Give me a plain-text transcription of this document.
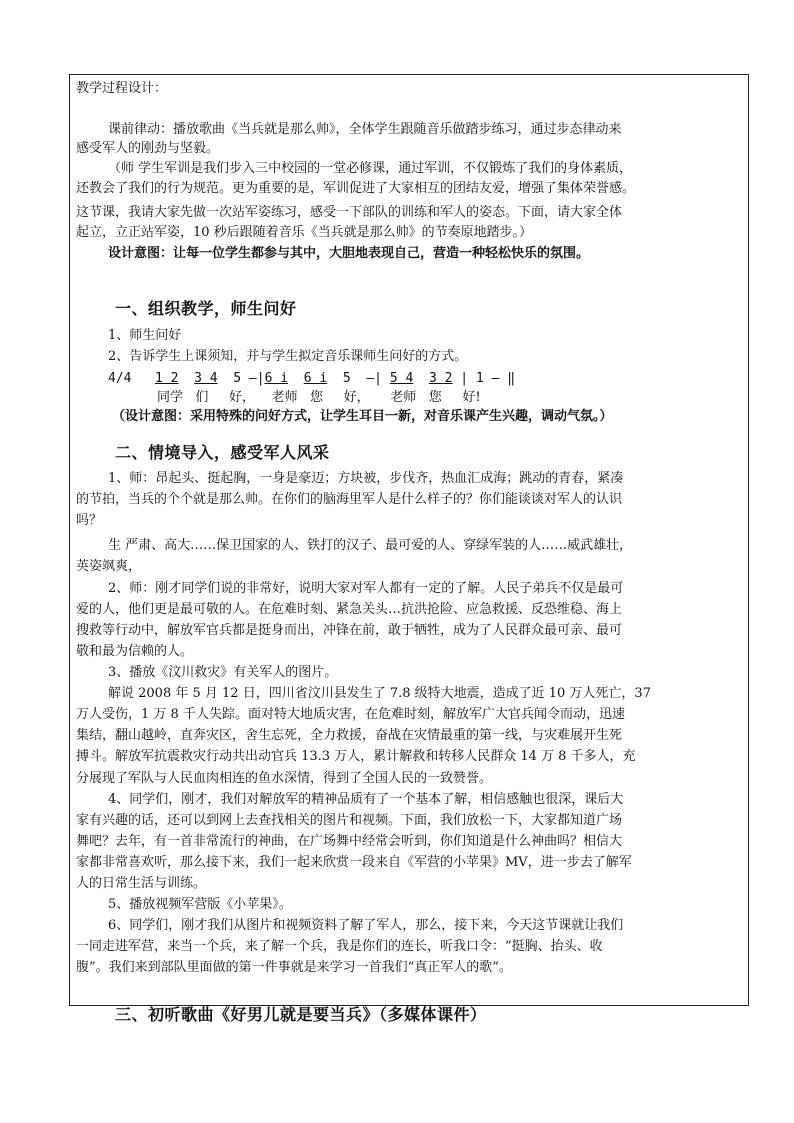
教学过程设计：
课前律动：播放歌曲《当兵就是那么帅》，全体学生跟随音乐做踏步练习，通过步态律动来
感受军人的刚劲与坚毅。
（师 学生军训是我们步入三中校园的一堂必修课，通过军训，不仅锻炼了我们的身体素质，
还教会了我们的行为规范。更为重要的是，军训促进了大家相互的团结友爱，增强了集体荣誉感。
这节课，我请大家先做一次站军姿练习，感受一下部队的训练和军人的姿态。下面，请大家全体
起立，立正站军姿，10 秒后跟随着音乐《当兵就是那么帅》的节奏原地踏步。）
设计意图：让每一位学生都参与其中，大胆地表现自己，营造一种轻松快乐的氛围。
一、组织教学，师生问好
1、师生问好
2、告诉学生上课须知，并与学生拟定音乐课师生问好的方式。
4/4 1 2 3 4 5 —|6 i 6 i 5  —| 5 4 3 2 | 1 — ‖
同学   们     好，    老师   您     好，     老师   您     好!
（设计意图：采用特殊的问好方式，让学生耳目一新，对音乐课产生兴趣，调动气氛。）
二、情境导入，感受军人风采
1、师：昂起头、挺起胸，一身是豪迈；方块被，步伐齐，热血汇成海；跳动的青春，紧凑
的节拍，当兵的个个就是那么帅。在你们的脑海里军人是什么样子的？你们能谈谈对军人的认识
吗？
生 严肃、高大……保卫国家的人、铁打的汉子、最可爱的人、穿绿军装的人……威武雄壮，
英姿飒爽，
2、师：刚才同学们说的非常好，说明大家对军人都有一定的了解。人民子弟兵不仅是最可
爱的人，他们更是最可敬的人。在危难时刻、紧急关头…抗洪抢险、应急救援、反恐维稳、海上
搜救等行动中，解放军官兵都是挺身而出，冲锋在前，敢于牺牲，成为了人民群众最可亲、最可
敬和最为信赖的人。
3、播放《汶川救灾》有关军人的图片。
解说 2008 年 5 月 12 日，四川省汶川县发生了 7.8 级特大地震，造成了近 10 万人死亡，37
万人受伤，1 万 8 千人失踪。面对特大地质灾害，在危难时刻，解放军广大官兵闻令而动，迅速
集结，翻山越岭，直奔灾区，舍生忘死，全力救援，奋战在灾情最重的第一线，与灾难展开生死
搏斗。解放军抗震救灾行动共出动官兵 13.3 万人，累计解救和转移人民群众 14 万 8 千多人，充
分展现了军队与人民血肉相连的鱼水深情，得到了全国人民的一致赞誉。
4、同学们，刚才，我们对解放军的精神品质有了一个基本了解，相信感触也很深，课后大
家有兴趣的话，还可以到网上去查找相关的图片和视频。下面，我们放松一下，大家都知道广场
舞吧？去年，有一首非常流行的神曲，在广场舞中经常会听到，你们知道是什么神曲吗？相信大
家都非常喜欢听，那么接下来，我们一起来欣赏一段来自《军营的小苹果》MV，进一步去了解军
人的日常生活与训练。
5、播放视频军营版《小苹果》。
6、同学们，刚才我们从图片和视频资料了解了军人，那么，接下来，今天这节课就让我们
一同走进军营，来当一个兵，来了解一个兵，我是你们的连长，听我口令：“挺胸、抬头、收
腹”。我们来到部队里面做的第一件事就是来学习一首我们“真正军人的歌”。
三、初听歌曲《好男儿就是要当兵》（多媒体课件）
